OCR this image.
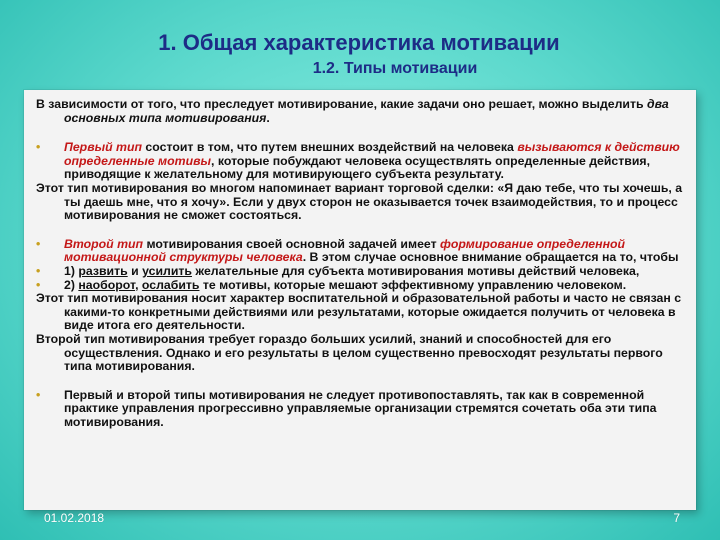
1. Общая характеристика мотивации
1.2. Типы мотивации

В зависимости от того, что преследует мотивирование, какие задачи оно решает, можно выделить два основных типа мотивирования.

• Первый тип состоит в том, что путем внешних воздействий на человека вызываются к действию определенные мотивы, которые побуждают человека осуществлять определенные действия, приводящие к желательному для мотивирующего субъекта результату.

Этот тип мотивирования во многом напоминает вариант торговой сделки: «Я даю тебе, что ты хочешь, а ты даешь мне, что я хочу». Если у двух сторон не оказывается точек взаимодействия, то и процесс мотивирования не сможет состояться.

• Второй тип мотивирования своей основной задачей имеет формирование определенной мотивационной структуры человека. В этом случае основное внимание обращается на то, чтобы
• 1) развить и усилить желательные для субъекта мотивирования мотивы действий человека,
• 2) наоборот, ослабить те мотивы, которые мешают эффективному управлению человеком.

Этот тип мотивирования носит характер воспитательной и образовательной работы и часто не связан с какими-то конкретными действиями или результатами, которые ожидается получить от человека в виде итога его деятельности.

Второй тип мотивирования требует гораздо больших усилий, знаний и способностей для его осуществления. Однако и его результаты в целом существенно превосходят результаты первого типа мотивирования.

• Первый и второй типы мотивирования не следует противопоставлять, так как в современной практике управления прогрессивно управляемые организации стремятся сочетать оба эти типа мотивирования.
01.02.2018	7
